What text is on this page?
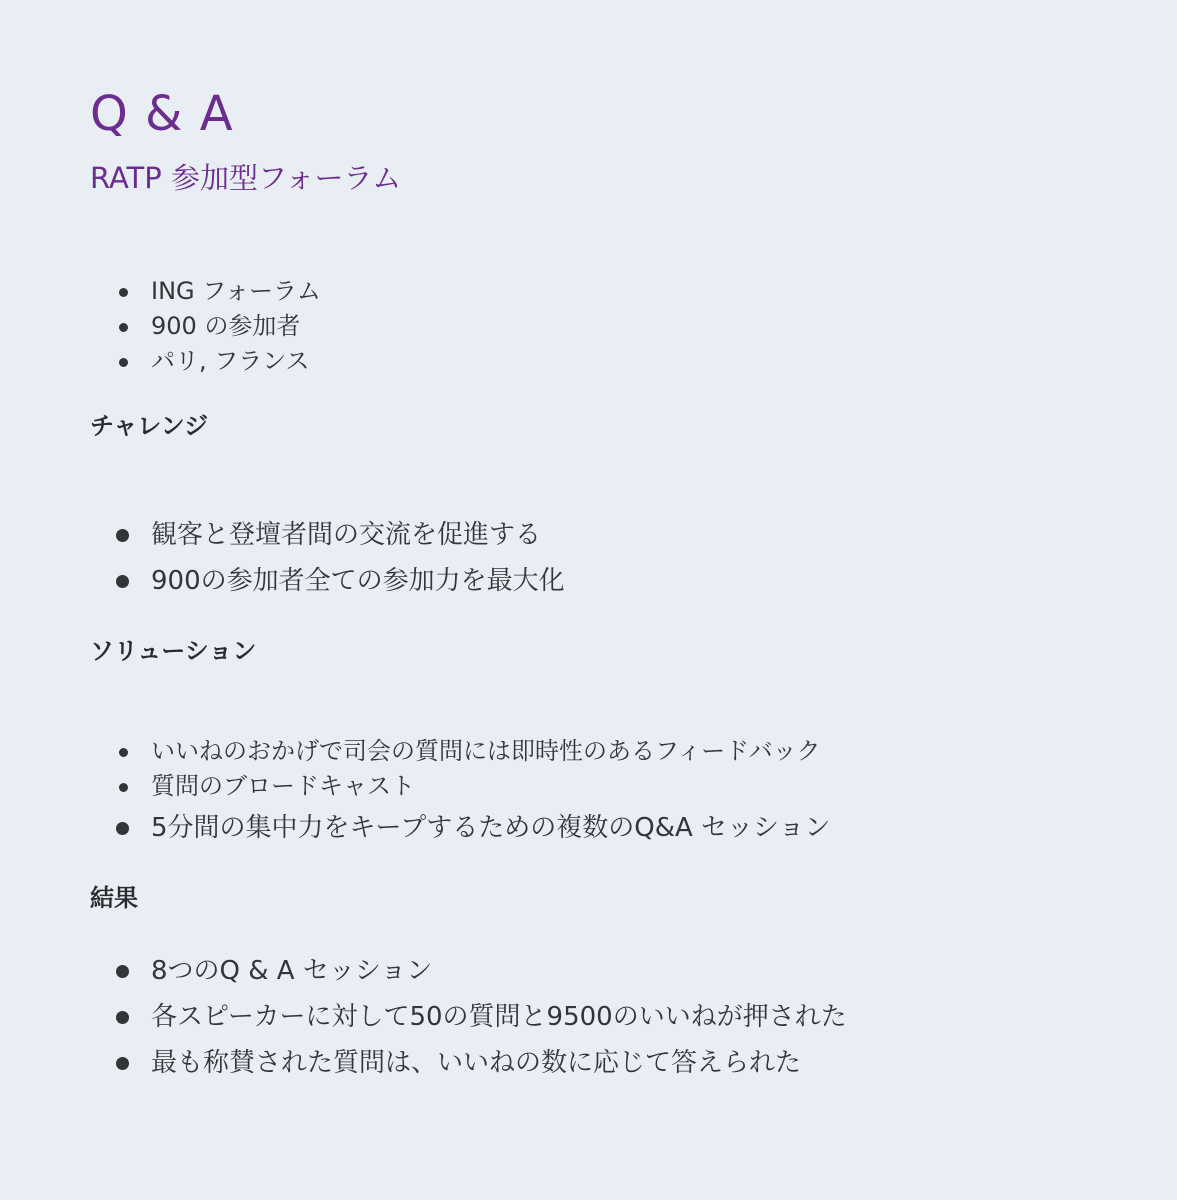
Q & A
RATP 参加型フォーラム
ING フォーラム
900 の参加者
パリ, フランス
チャレンジ
観客と登壇者間の交流を促進する
900の参加者全ての参加力を最大化
ソリューション
いいねのおかげで司会の質問には即時性のあるフィードバック
質問のブロードキャスト
5分間の集中力をキープするための複数のQ&A セッション
結果
8つのQ & A セッション
各スピーカーに対して50の質問と9500のいいねが押された
最も称賛された質問は、いいねの数に応じて答えられた
